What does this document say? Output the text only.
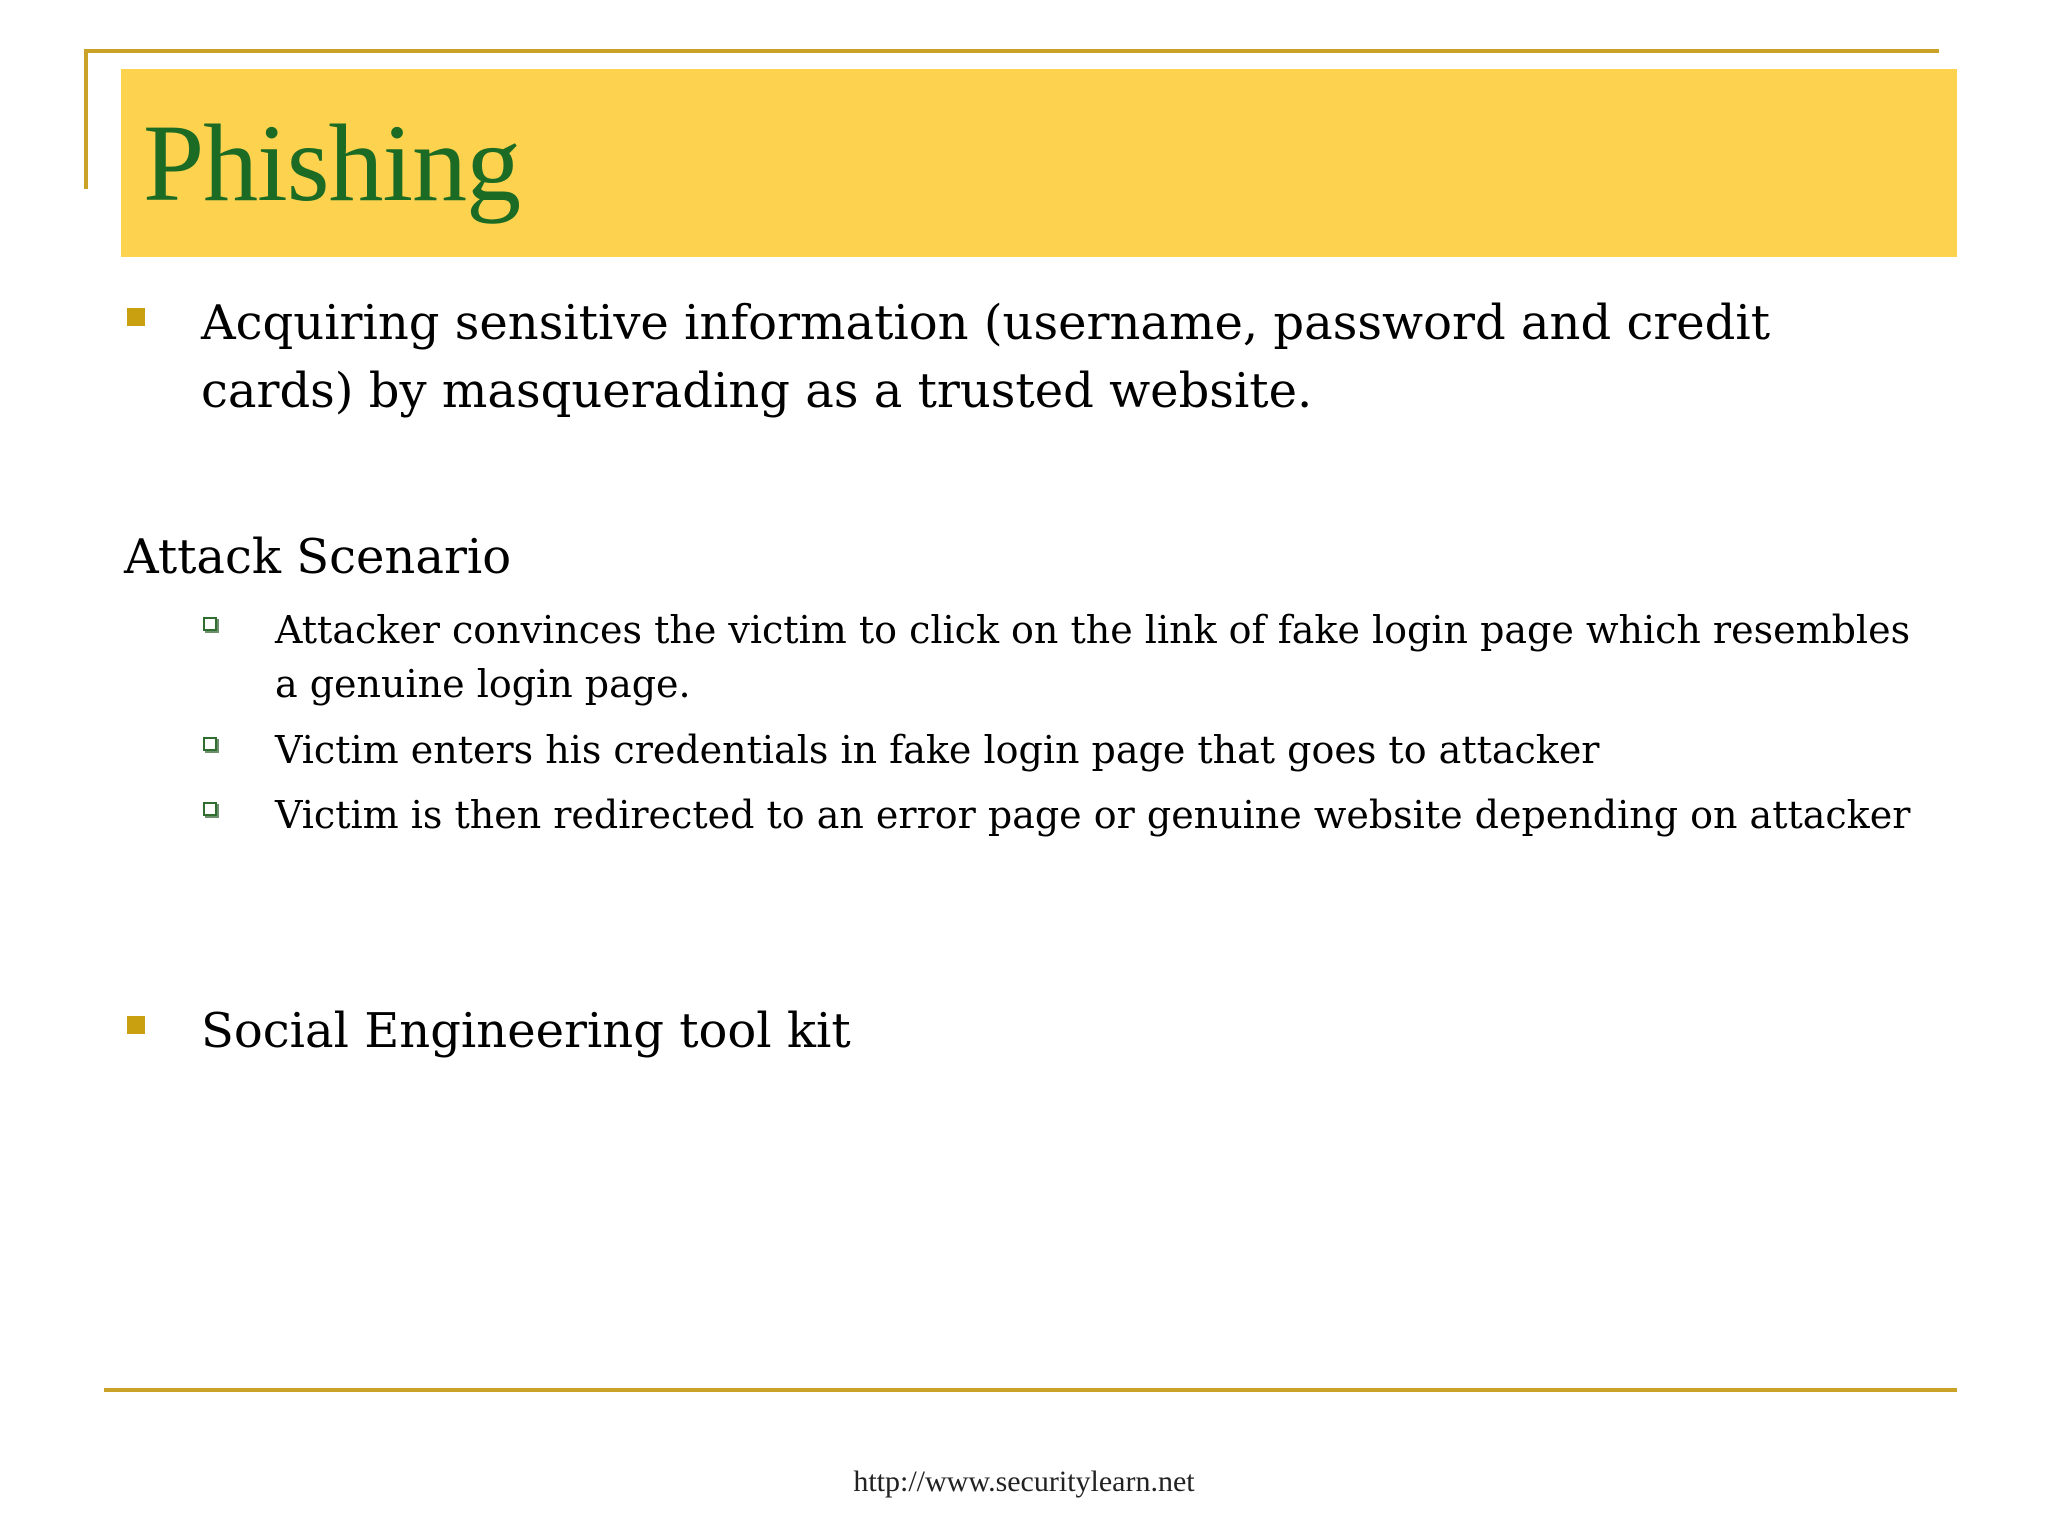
Phishing
Acquiring sensitive information (username, password and credit
cards) by masquerading as a trusted website.
Attack Scenario
Attacker convinces the victim to click on the link of fake login page which resembles
a genuine login page.
Victim enters his credentials in fake login page that goes to attacker
Victim is then redirected to an error page or genuine website depending on attacker
Social Engineering tool kit
http://www.securitylearn.net
